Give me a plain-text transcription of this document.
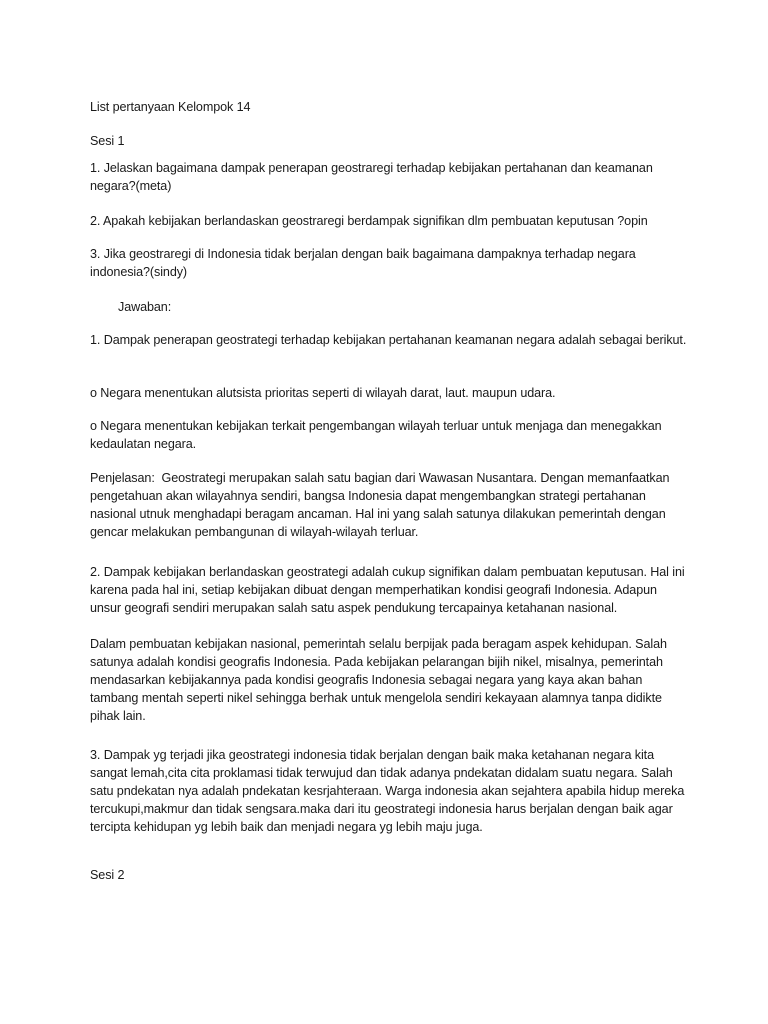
List pertanyaan Kelompok 14

Sesi 1

1. Jelaskan bagaimana dampak penerapan geostraregi terhadap kebijakan pertahanan dan keamanan negara?(meta)

2. Apakah kebijakan berlandaskan geostraregi berdampak signifikan dlm pembuatan keputusan ?opin

3. Jika geostraregi di Indonesia tidak berjalan dengan baik bagaimana dampaknya terhadap negara indonesia?(sindy)

Jawaban:

1. Dampak penerapan geostrategi terhadap kebijakan pertahanan keamanan negara adalah sebagai berikut.

o Negara menentukan alutsista prioritas seperti di wilayah darat, laut. maupun udara.

o Negara menentukan kebijakan terkait pengembangan wilayah terluar untuk menjaga dan menegakkan kedaulatan negara.

Penjelasan:  Geostrategi merupakan salah satu bagian dari Wawasan Nusantara. Dengan memanfaatkan pengetahuan akan wilayahnya sendiri, bangsa Indonesia dapat mengembangkan strategi pertahanan nasional utnuk menghadapi beragam ancaman. Hal ini yang salah satunya dilakukan pemerintah dengan gencar melakukan pembangunan di wilayah-wilayah terluar.

2. Dampak kebijakan berlandaskan geostrategi adalah cukup signifikan dalam pembuatan keputusan. Hal ini karena pada hal ini, setiap kebijakan dibuat dengan memperhatikan kondisi geografi Indonesia. Adapun unsur geografi sendiri merupakan salah satu aspek pendukung tercapainya ketahanan nasional.

Dalam pembuatan kebijakan nasional, pemerintah selalu berpijak pada beragam aspek kehidupan. Salah satunya adalah kondisi geografis Indonesia. Pada kebijakan pelarangan bijih nikel, misalnya, pemerintah mendasarkan kebijakannya pada kondisi geografis Indonesia sebagai negara yang kaya akan bahan tambang mentah seperti nikel sehingga berhak untuk mengelola sendiri kekayaan alamnya tanpa didikte pihak lain.

3. Dampak yg terjadi jika geostrategi indonesia tidak berjalan dengan baik maka ketahanan negara kita sangat lemah,cita cita proklamasi tidak terwujud dan tidak adanya pndekatan didalam suatu negara. Salah satu pndekatan nya adalah pndekatan kesrjahteraan. Warga indonesia akan sejahtera apabila hidup mereka tercukupi,makmur dan tidak sengsara.maka dari itu geostrategi indonesia harus berjalan dengan baik agar tercipta kehidupan yg lebih baik dan menjadi negara yg lebih maju juga.

Sesi 2
